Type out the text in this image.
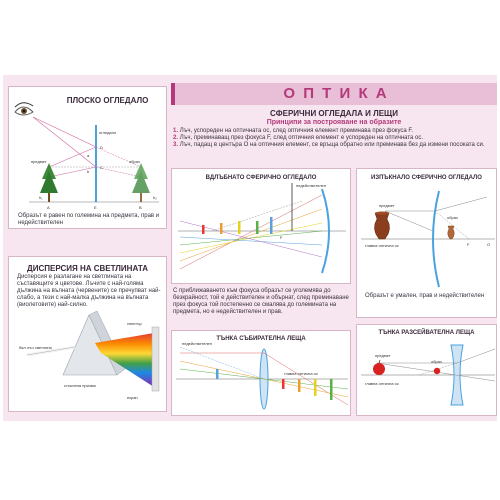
ПЛОСКО ОГЛЕДАЛО
огледало
предмет	образ
h₁	h₂
A	E	B
D
C
a
b
Образът е равен по големина на предмета, прав и недействителен
ДИСПЕРСИЯ НА СВЕТЛИНАТА
Дисперсия е разлагане на светлината на съставящите я цветове. Лъчите с най-голяма дължина на вълната (червените) се пречупват най-слабо, а тези с най-малка дължина на вълната (виолетовите) най-силно.
бял лъч светлина
стъклена призма
спектър
екран
О П Т И К А
СФЕРИЧНИ ОГЛЕДАЛА И ЛЕЩИ
Принципи за построяване на образите
1. Лъч, успореден на оптичната ос, след оптичния елемент преминава през фокуса F.
2. Лъч, преминаващ през фокуса F, след оптичния елемент е успореден на оптичната ос.
3. Лъч, падащ в центъра О на оптичния елемент, се връща обратно или преминава без да измени посоката си.
ВДЛЪБНАТО СФЕРИЧНО ОГЛЕДАЛО
недействителен
F
С приближаването към фокуса образът се уголемява до безкрайност, той е действителен и обърнат, след преминаване през фокуса той постепенно се смалява до големината на предмета, но е недействителен и прав.
ИЗПЪКНАЛО СФЕРИЧНО ОГЛЕДАЛО
предмет
образ
главна оптична ос	F	O
Образът е умален, прав и недействителен
ТЪНКА СЪБИРАТЕЛНА ЛЕЩА
недействителен
главна оптична ос
ТЪНКА РАЗСЕЙВАТЕЛНА ЛЕЩА
предмет
образ
главна оптична ос
